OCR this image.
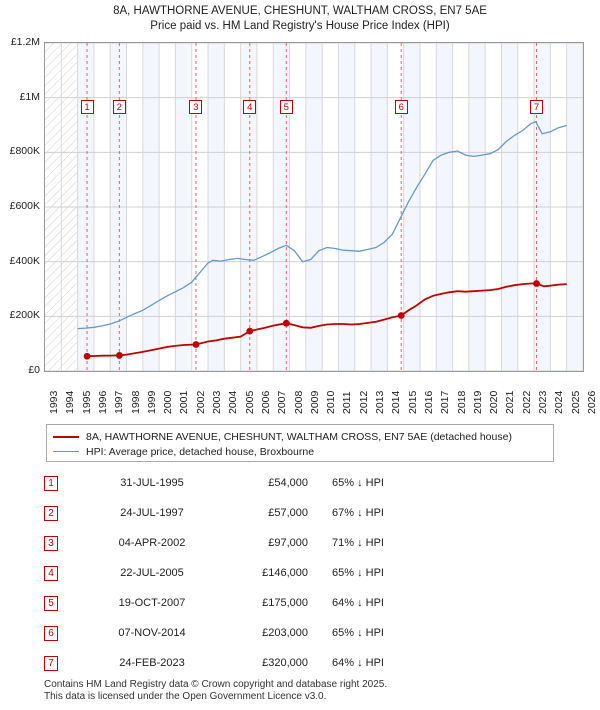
8A, HAWTHORNE AVENUE, CHESHUNT, WALTHAM CROSS, EN7 5AE
Price paid vs. HM Land Registry's House Price Index (HPI)
£0
£200K
£400K
£600K
£800K
£1M
£1.2M
1	2	3	4	5	6	7
1993 1994 1995 1996 1997 1998 1999 2000 2001 2002 2003 2004 2005 2006 2007 2008 2009 2010 2011 2012 2013 2014 2015 2016 2017 2018 2019 2020 2021 2022 2023 2024 2025 2026
8A, HAWTHORNE AVENUE, CHESHUNT, WALTHAM CROSS, EN7 5AE (detached house)
HPI: Average price, detached house, Broxbourne
1	31-JUL-1995	£54,000 65% ↓ HPI
2	24-JUL-1997	£57,000 67% ↓ HPI
3	04-APR-2002	£97,000 71% ↓ HPI
4	22-JUL-2005	£146,000 65% ↓ HPI
5	19-OCT-2007	£175,000 64% ↓ HPI
6	07-NOV-2014	£203,000 65% ↓ HPI
7	24-FEB-2023	£320,000 64% ↓ HPI
Contains HM Land Registry data © Crown copyright and database right 2025.
This data is licensed under the Open Government Licence v3.0.
